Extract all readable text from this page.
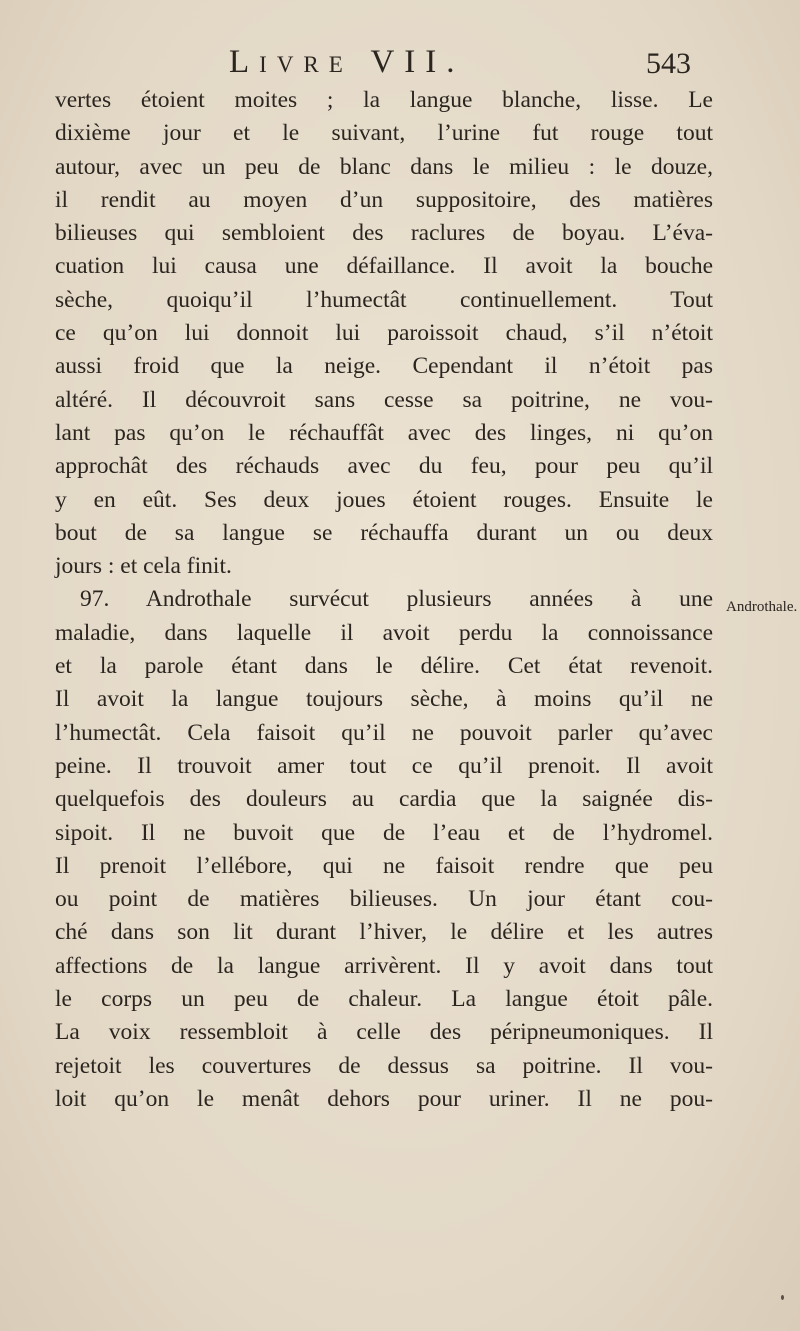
Livre VII.	543
vertes étoient moites ; la langue blanche, lisse. Le
dixième jour et le suivant, l’urine fut rouge tout
autour, avec un peu de blanc dans le milieu : le douze,
il rendit au moyen d’un suppositoire, des matières
bilieuses qui sembloient des raclures de boyau. L’éva-
cuation lui causa une défaillance. Il avoit la bouche
sèche, quoiqu’il l’humectât continuellement. Tout
ce qu’on lui donnoit lui paroissoit chaud, s’il n’étoit
aussi froid que la neige. Cependant il n’étoit pas
altéré. Il découvroit sans cesse sa poitrine, ne vou-
lant pas qu’on le réchauffât avec des linges, ni qu’on
approchât des réchauds avec du feu, pour peu qu’il
y en eût. Ses deux joues étoient rouges. Ensuite le
bout de sa langue se réchauffa durant un ou deux
jours : et cela finit.
97. Androthale survécut plusieurs années à une
maladie, dans laquelle il avoit perdu la connoissance
et la parole étant dans le délire. Cet état revenoit.
Il avoit la langue toujours sèche, à moins qu’il ne
l’humectât. Cela faisoit qu’il ne pouvoit parler qu’avec
peine. Il trouvoit amer tout ce qu’il prenoit. Il avoit
quelquefois des douleurs au cardia que la saignée dis-
sipoit. Il ne buvoit que de l’eau et de l’hydromel.
Il prenoit l’ellébore, qui ne faisoit rendre que peu
ou point de matières bilieuses. Un jour étant cou-
ché dans son lit durant l’hiver, le délire et les autres
affections de la langue arrivèrent. Il y avoit dans tout
le corps un peu de chaleur. La langue étoit pâle.
La voix ressembloit à celle des péripneumoniques. Il
rejetoit les couvertures de dessus sa poitrine. Il vou-
loit qu’on le menât dehors pour uriner. Il ne pou-
Androthale.
